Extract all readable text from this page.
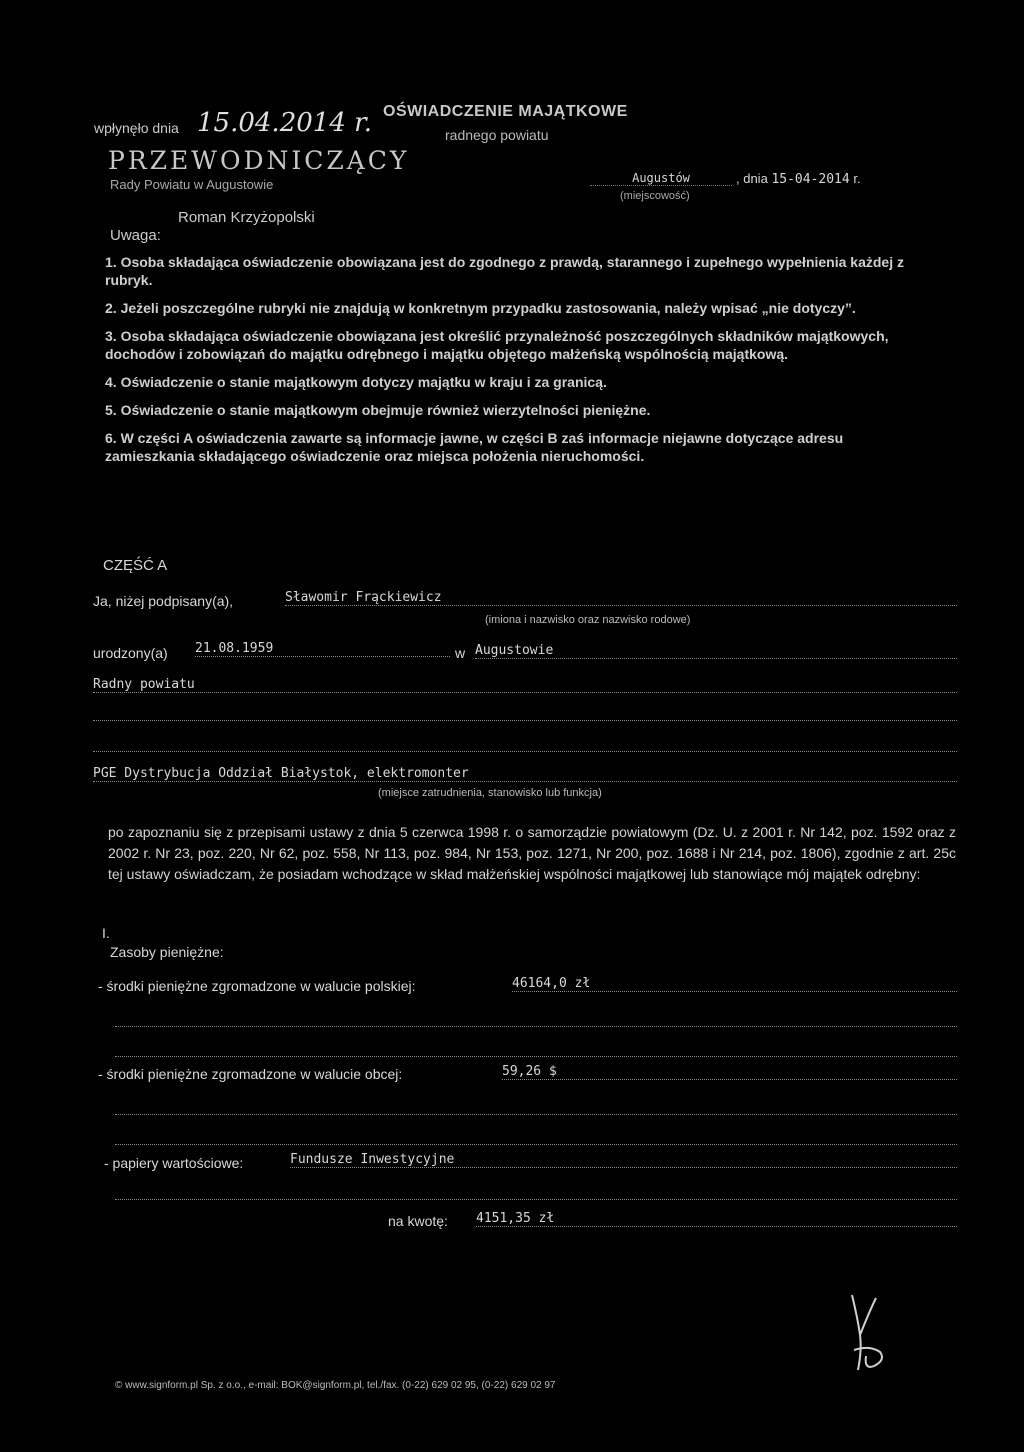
OŚWIADCZENIE MAJĄTKOWE
radnego powiatu
wpłynęło dnia 15.04.2014 r.
PRZEWODNICZĄCY
Rady Powiatu w Augustowie
Uwaga:
Roman Krzyżopolski
Augustów
(miejscowość)
, dnia 15-04-2014 r.

1. Osoba składająca oświadczenie obowiązana jest do zgodnego z prawdą, starannego i zupełnego wypełnienia każdej z rubryk.

2. Jeżeli poszczególne rubryki nie znajdują w konkretnym przypadku zastosowania, należy wpisać „nie dotyczy”.

3. Osoba składająca oświadczenie obowiązana jest określić przynależność poszczególnych składników majątkowych, dochodów i zobowiązań do majątku odrębnego i majątku objętego małżeńską wspólnością majątkową.

4. Oświadczenie o stanie majątkowym dotyczy majątku w kraju i za granicą.

5. Oświadczenie o stanie majątkowym obejmuje również wierzytelności pieniężne.

6. W części A oświadczenia zawarte są informacje jawne, w części B zaś informacje niejawne dotyczące adresu zamieszkania składającego oświadczenie oraz miejsca położenia nieruchomości.

CZĘŚĆ A
Ja, niżej podpisany(a),	Sławomir Frąckiewicz
(imiona i nazwisko oraz nazwisko rodowe)
urodzony(a) 21.08.1959	w Augustowie
Radny powiatu
PGE Dystrybucja Oddział Białystok, elektromonter
(miejsce zatrudnienia, stanowisko lub funkcja)
po zapoznaniu się z przepisami ustawy z dnia 5 czerwca 1998 r. o samorządzie powiatowym (Dz. U. z 2001 r. Nr 142, poz. 1592 oraz z 2002 r. Nr 23, poz. 220, Nr 62, poz. 558, Nr 113, poz. 984, Nr 153, poz. 1271, Nr 200, poz. 1688 i Nr 214, poz. 1806), zgodnie z art. 25c tej ustawy oświadczam, że posiadam wchodzące w skład małżeńskiej wspólności majątkowej lub stanowiące mój majątek odrębny:
I.
Zasoby pieniężne:
- środki pieniężne zgromadzone w walucie polskiej:	46164,0 zł
- środki pieniężne zgromadzone w walucie obcej:	59,26 $
- papiery wartościowe:	Fundusze Inwestycyjne
na kwotę: 4151,35 zł
© www.signform.pl Sp. z o.o., e-mail: BOK@signform.pl, tel./fax. (0-22) 629 02 95, (0-22) 629 02 97
